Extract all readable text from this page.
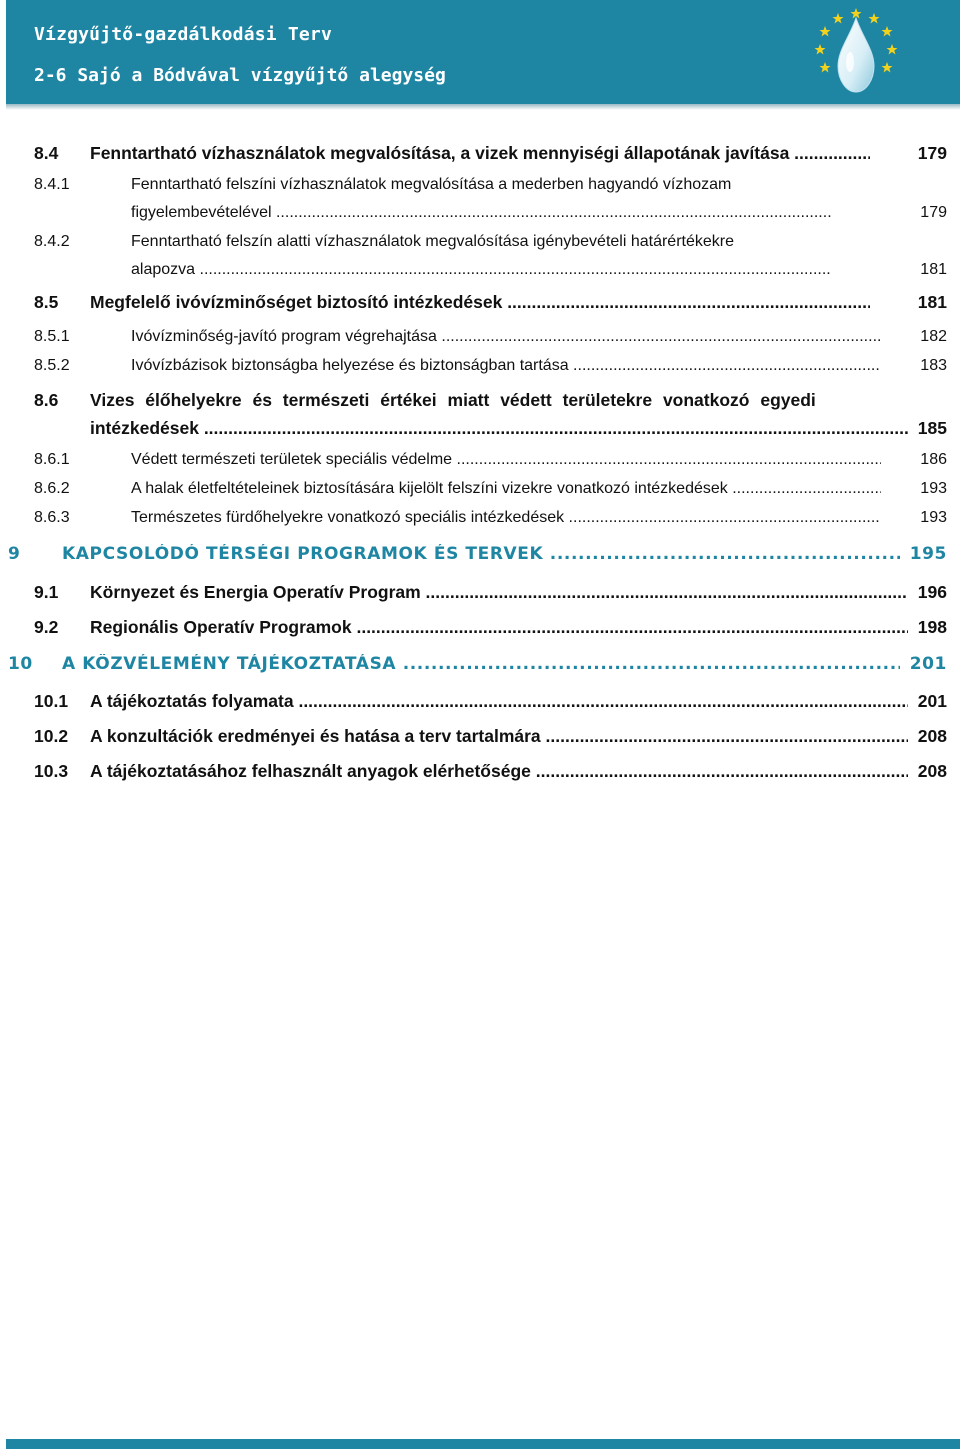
Vízgyűjtő-gazdálkodási Terv
2-6 Sajó a Bódvával vízgyűjtő alegység
8.4 Fenntartható vízhasználatok megvalósítása, a vizek mennyiségi állapotának javítása .....	179
8.4.1	Fenntartható felszíni vízhasználatok megvalósítása a mederben hagyandó vízhozam
figyelembevételével .....	179
8.4.2	Fenntartható felszín alatti vízhasználatok megvalósítása igénybevételi határértékekre
alapozva .....	181
8.5 Megfelelő ivóvízminőséget biztosító intézkedések .....	181
8.5.1	Ivóvízminőség-javító program végrehajtása .....	182
8.5.2	Ivóvízbázisok biztonságba helyezése és biztonságban tartása .....	183
8.6 Vizes élőhelyekre és természeti értékei miatt védett területekre vonatkozó egyedi
intézkedések .....	185
8.6.1	Védett természeti területek speciális védelme .....	186
8.6.2	A halak életfeltételeinek biztosítására kijelölt felszíni vizekre vonatkozó intézkedések .....	193
8.6.3	Természetes fürdőhelyekre vonatkozó speciális intézkedések .....	193
9 KAPCSOLÓDÓ TÉRSÉGI PROGRAMOK ÉS TERVEK .....	195
9.1 Környezet és Energia Operatív Program .....	196
9.2 Regionális Operatív Programok .....	198
10 A KÖZVÉLEMÉNY TÁJÉKOZTATÁSA .....	201
10.1 A tájékoztatás folyamata .....	201
10.2 A konzultációk eredményei és hatása a terv tartalmára .....	208
10.3 A tájékoztatásához felhasznált anyagok elérhetősége .....	208
